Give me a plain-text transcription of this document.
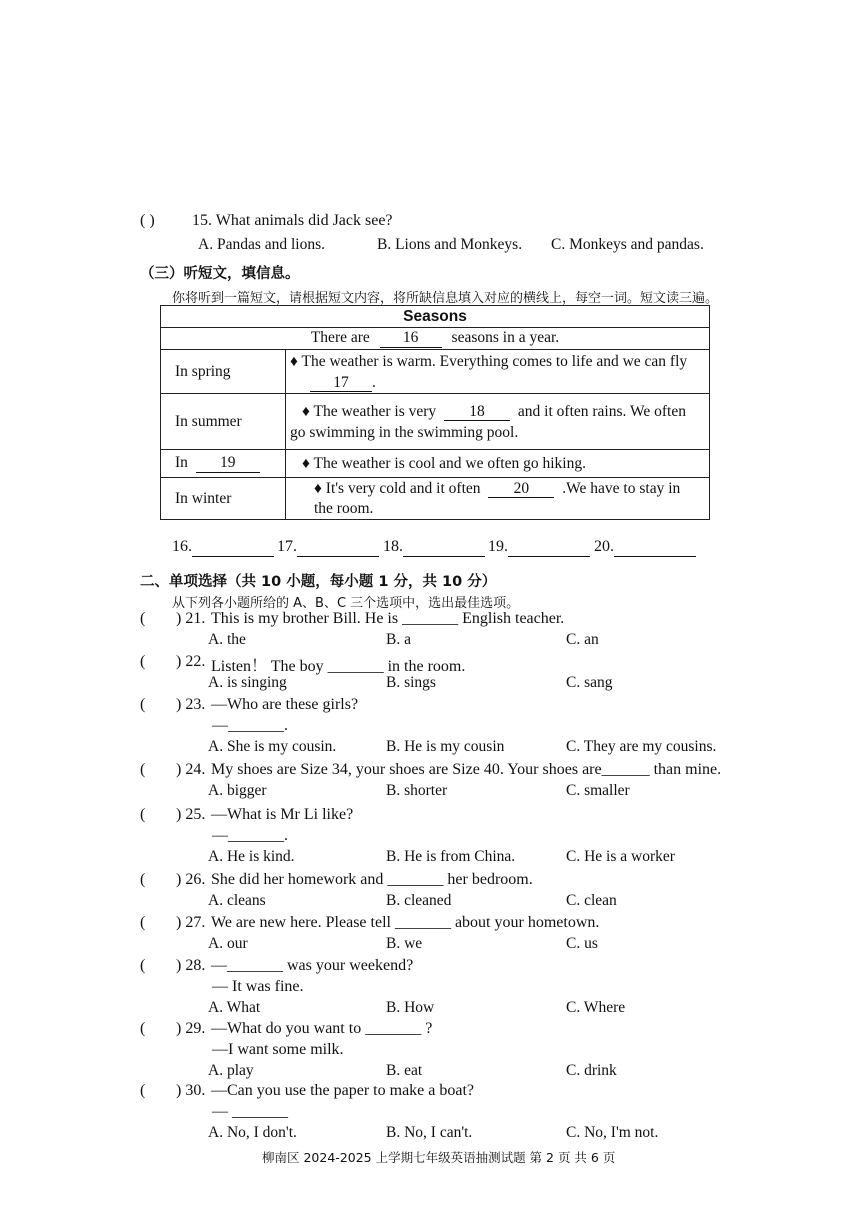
( ) 15. What animals did Jack see?
A. Pandas and lions.	B. Lions and Monkeys. C. Monkeys and pandas.
（三）听短文，填信息。
你将听到一篇短文，请根据短文内容，将所缺信息填入对应的横线上，每空一词。短文读三遍。
Seasons	
There are 16 seasons in a year.	
In spring	♦ The weather is warm. Everything comes to life and we can fly
17 .
In summer	♦ The weather is very 18 and it often rains. We often go swimming in the swimming pool.
In 19	♦ The weather is cool and we often go hiking.
In winter	♦ It's very cold and it often 20 .We have to stay in the room.
16.	17.	18.	19.	20.
二、单项选择（共 10 小题，每小题 1 分，共 10 分）
从下列各小题所给的 A、B、C 三个选项中，选出最佳选项。
( ) 21. This is my brother Bill. He is _______ English teacher.
A. the	B. a	C. an
( ) 22. Listen！ The boy _______ in the room.
A. is singing	B. sings	C. sang
( ) 23. —Who are these girls?
—_______.
A. She is my cousin.	B. He is my cousin	C. They are my cousins.
( ) 24. My shoes are Size 34, your shoes are Size 40. Your shoes are______ than mine.
A. bigger	B. shorter	C. smaller
( ) 25. —What is Mr Li like?
—_______.
A. He is kind.	B. He is from China.	C. He is a worker
( ) 26. She did her homework and _______ her bedroom.
A. cleans	B. cleaned	C. clean
( ) 27. We are new here. Please tell _______ about your hometown.
A. our	B. we	C. us
( ) 28. —_______ was your weekend?
— It was fine.
A. What	B. How	C. Where
( ) 29. —What do you want to _______ ?
—I want some milk.
A. play	B. eat	C. drink
( ) 30. —Can you use the paper to make a boat?
— _______
A. No, I don't.	B. No, I can't.	C. No, I'm not.
柳南区 2024-2025 上学期七年级英语抽测试题 第 2 页 共 6 页
